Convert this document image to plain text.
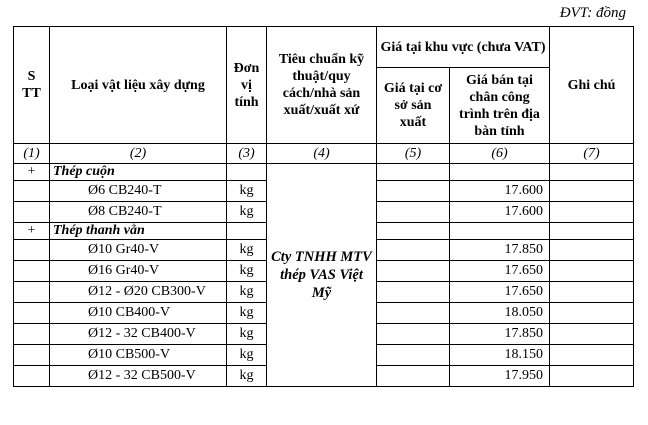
ĐVT: đồng
S TT	Loại vật liệu xây dựng	Đơn vị tính	Tiêu chuẩn kỹ thuật/quy cách/nhà sản xuất/xuất xứ	Giá tại khu vực (chưa VAT)		Ghi chú
				Giá tại cơ sở sản xuất	Giá bán tại chân công trình trên địa bàn tỉnh	
(1)	(2)	(3)	(4)	(5)	(6)	(7)
+	Thép cuộn		Cty TNHH MTV thép VAS Việt Mỹ			
	Ø6 CB240-T	kg			17.600	
	Ø8 CB240-T	kg			17.600	
+	Thép thanh vằn					
	Ø10 Gr40-V	kg			17.850	
	Ø16 Gr40-V	kg			17.650	
	Ø12 - Ø20 CB300-V	kg			17.650	
	Ø10 CB400-V	kg			18.050	
	Ø12 - 32 CB400-V	kg			17.850	
	Ø10 CB500-V	kg			18.150	
	Ø12 - 32 CB500-V	kg			17.950	
